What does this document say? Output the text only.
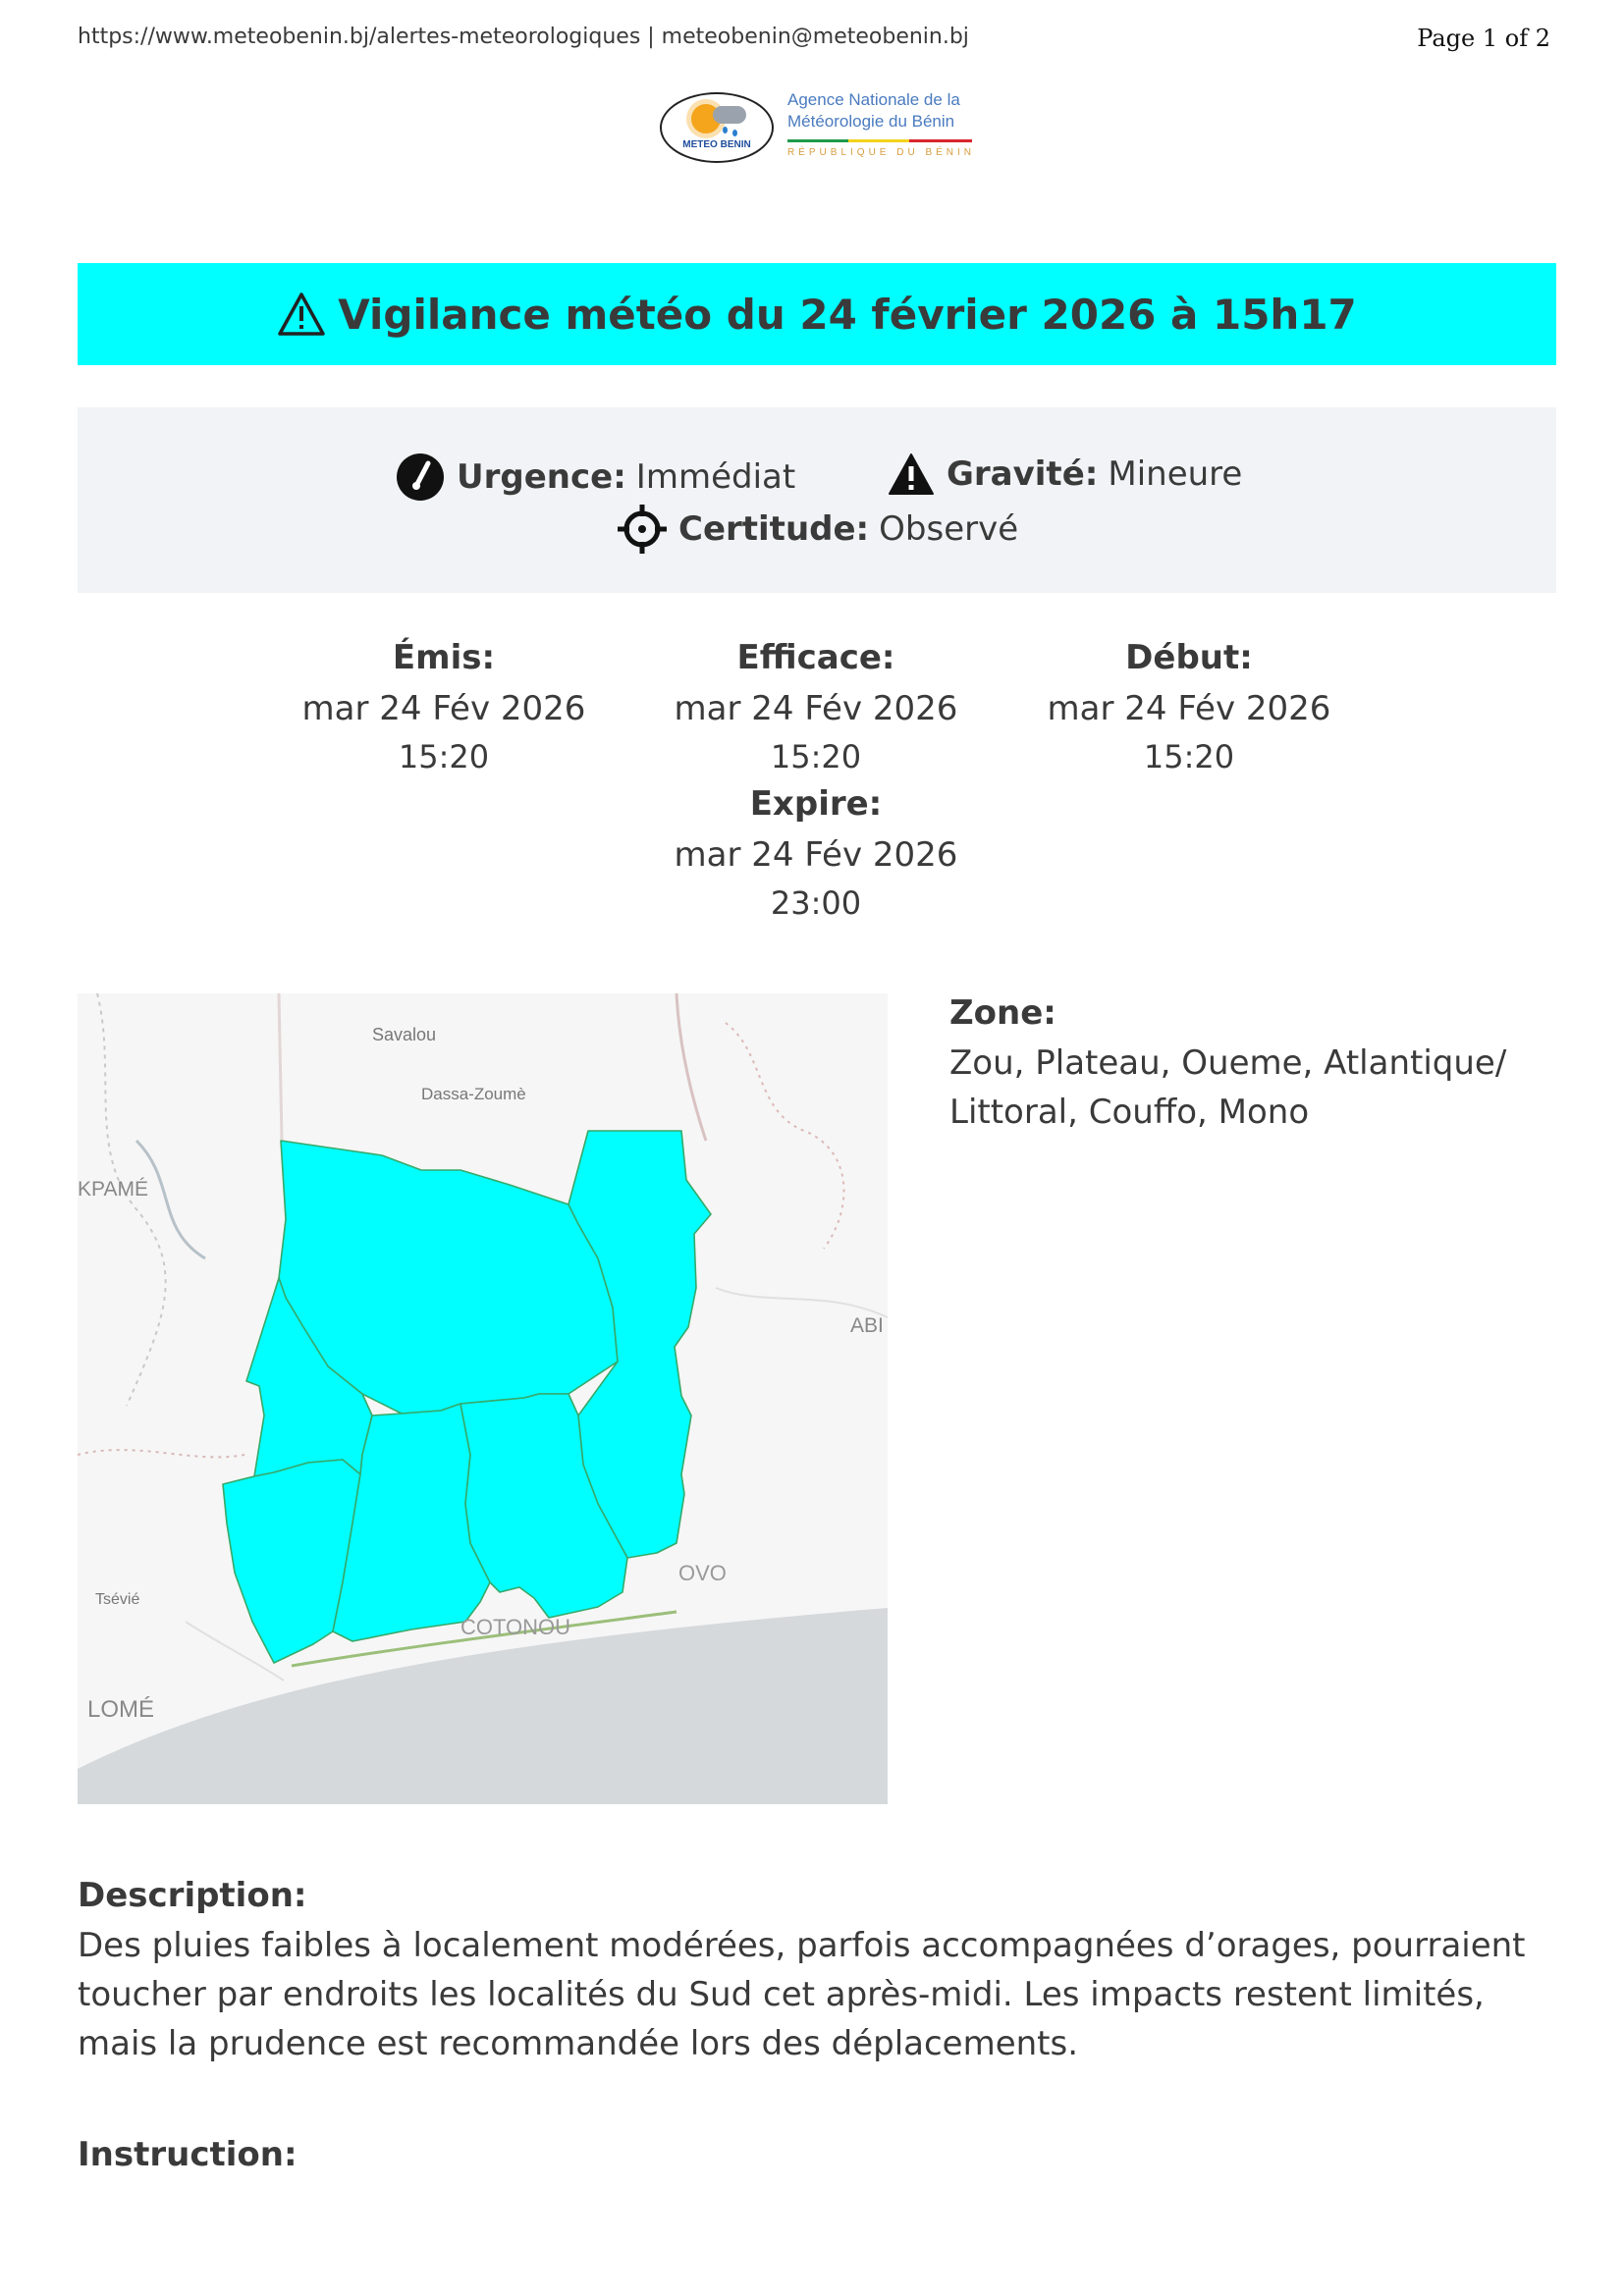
https://www.meteobenin.bj/alertes-meteorologiques | meteobenin@meteobenin.bj	Page 1 of 2
METEO BENIN
Agence Nationale de la
Météorologie du Bénin
RÉPUBLIQUE DU BÉNIN
Vigilance météo du 24 février 2026 à 15h17
Urgence: Immédiat	Gravité: Mineure
Certitude: Observé
Émis:
mar 24 Fév 2026
15:20
Efficace:
mar 24 Fév 2026
15:20
Début:
mar 24 Fév 2026
15:20
Expire:
mar 24 Fév 2026
23:00
Savalou
Dassa-Zoumè
KPAMÉ
ABI
Tsévié
LOMÉ
COTONOU
OVO
Zone:
Zou, Plateau, Oueme, Atlantique/ Littoral, Couffo, Mono
Description:
Des pluies faibles à localement modérées, parfois accompagnées d’orages, pourraient toucher par endroits les localités du Sud cet après-midi. Les impacts restent limités, mais la prudence est recommandée lors des déplacements.
Instruction:
